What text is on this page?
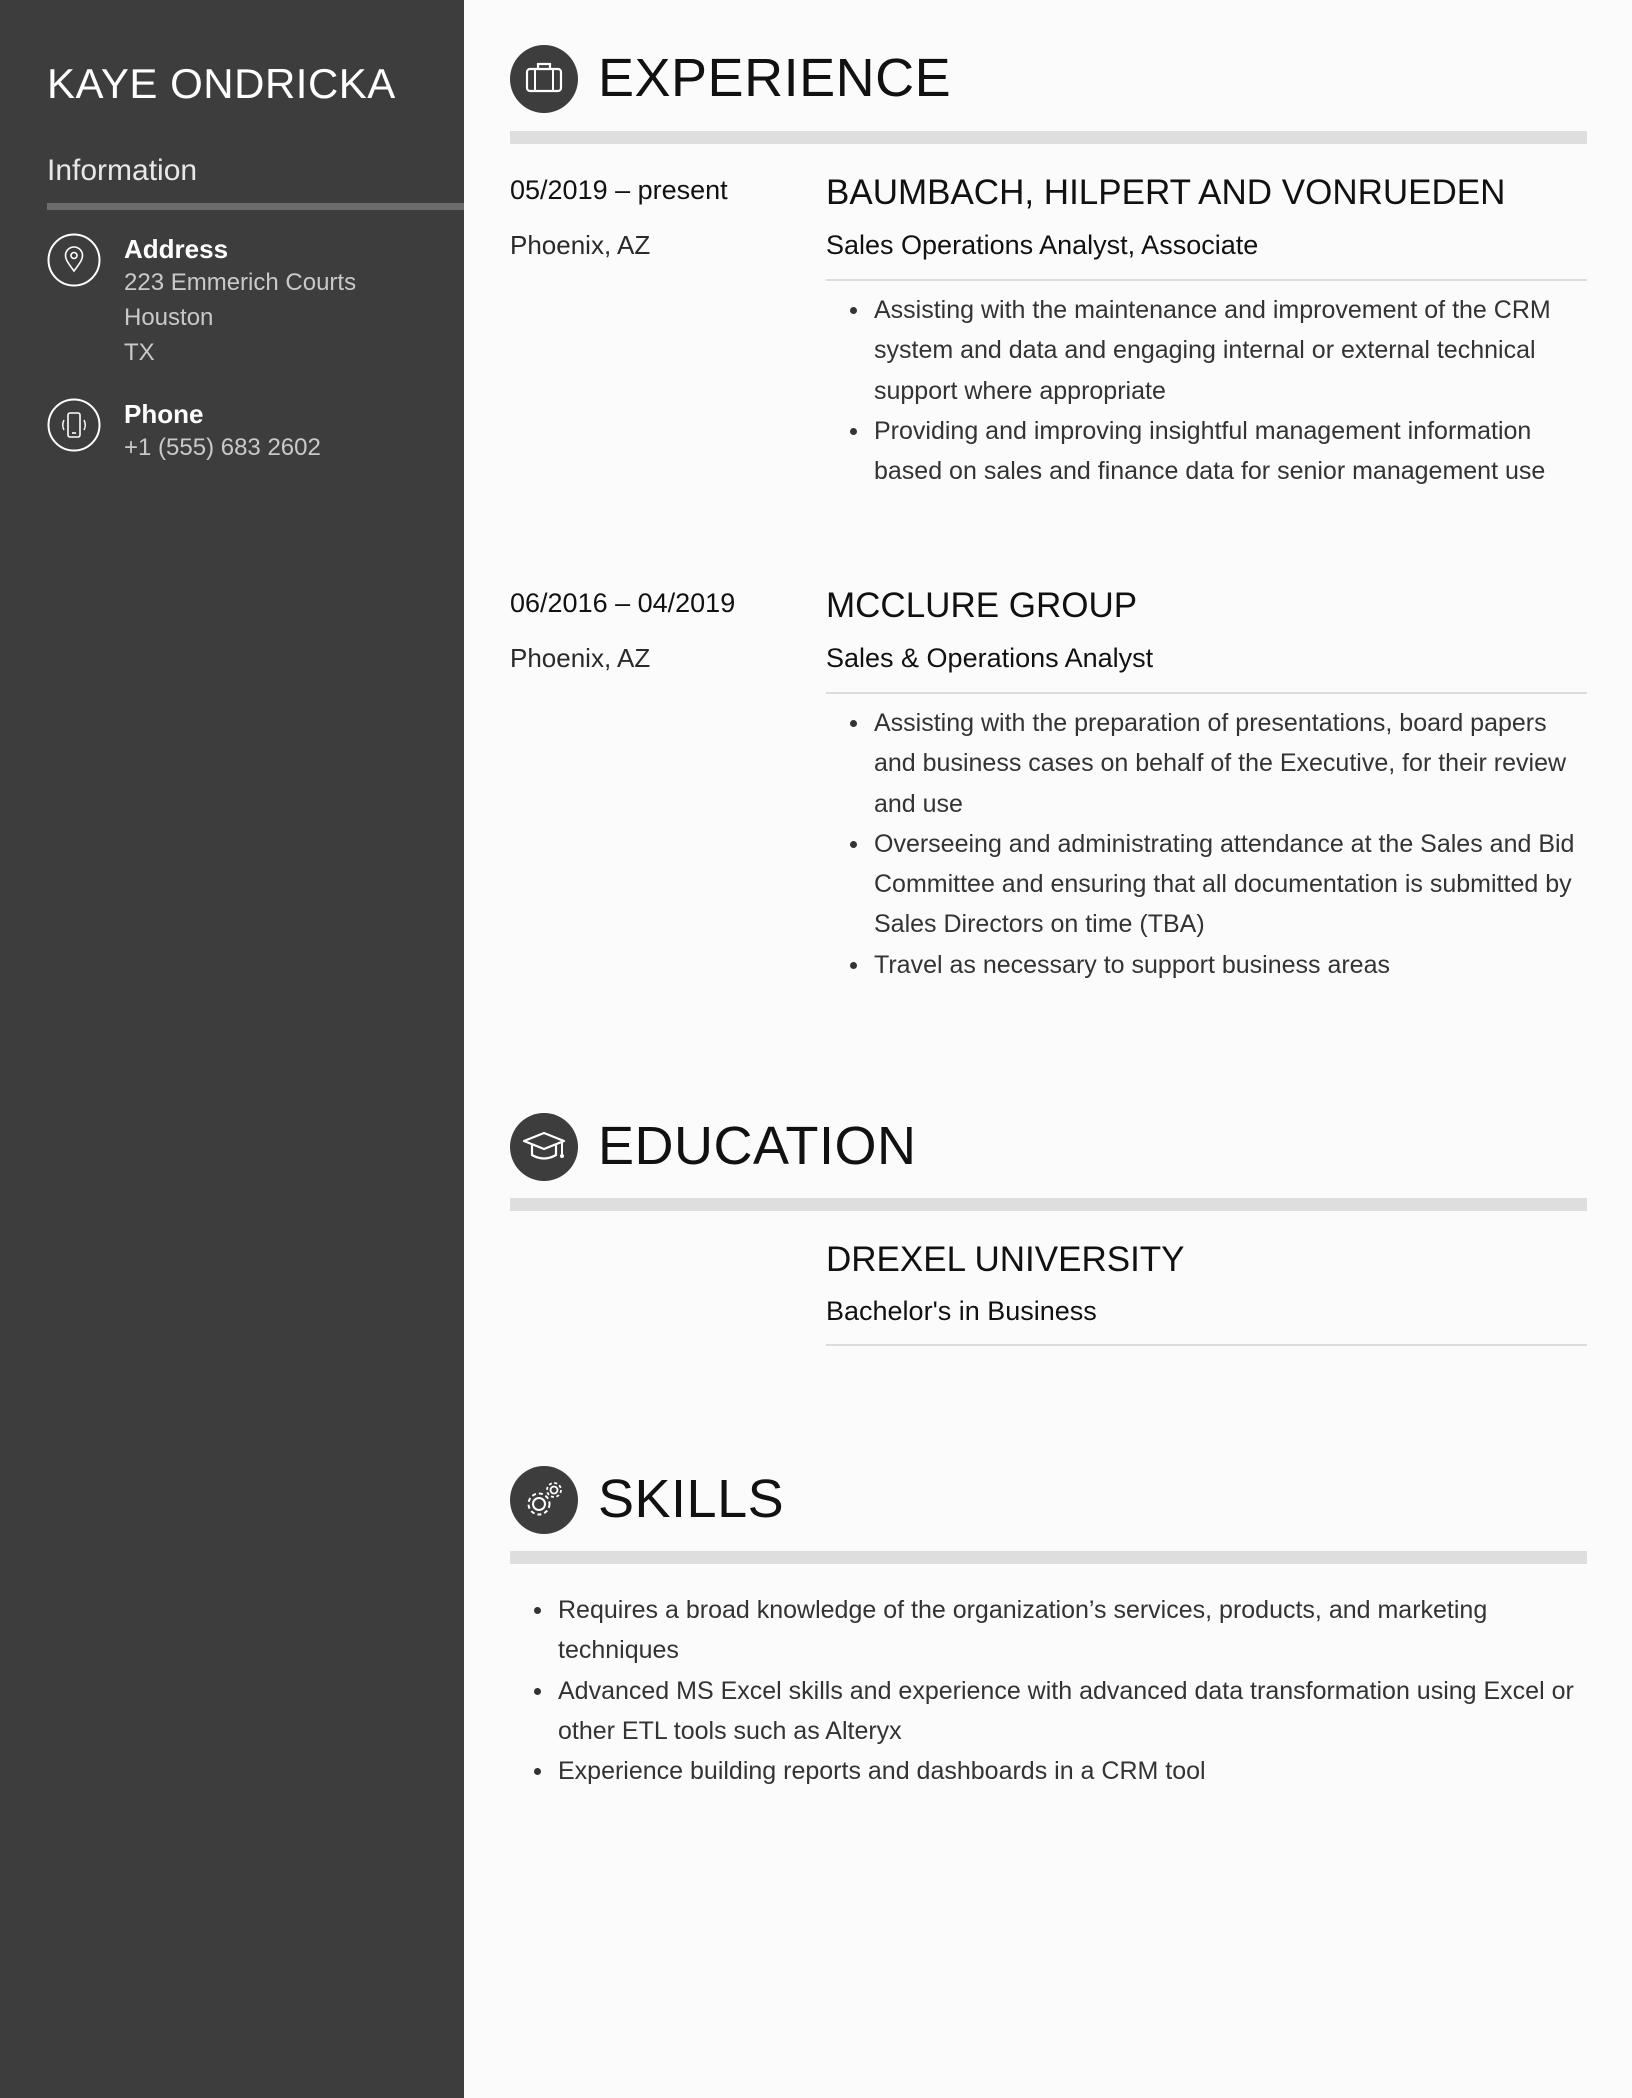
KAYE ONDRICKA
Information
Address
223 Emmerich Courts
Houston
TX
Phone
+1 (555) 683 2602
EXPERIENCE
05/2019 – present
Phoenix, AZ
BAUMBACH, HILPERT AND VONRUEDEN
Sales Operations Analyst, Associate
Assisting with the maintenance and improvement of the CRM system and data and engaging internal or external technical support where appropriate
Providing and improving insightful management information based on sales and finance data for senior management use
06/2016 – 04/2019
Phoenix, AZ
MCCLURE GROUP
Sales & Operations Analyst
Assisting with the preparation of presentations, board papers and business cases on behalf of the Executive, for their review and use
Overseeing and administrating attendance at the Sales and Bid Committee and ensuring that all documentation is submitted by Sales Directors on time (TBA)
Travel as necessary to support business areas
EDUCATION
DREXEL UNIVERSITY
Bachelor's in Business
SKILLS
Requires a broad knowledge of the organization’s services, products, and marketing techniques
Advanced MS Excel skills and experience with advanced data transformation using Excel or other ETL tools such as Alteryx
Experience building reports and dashboards in a CRM tool
